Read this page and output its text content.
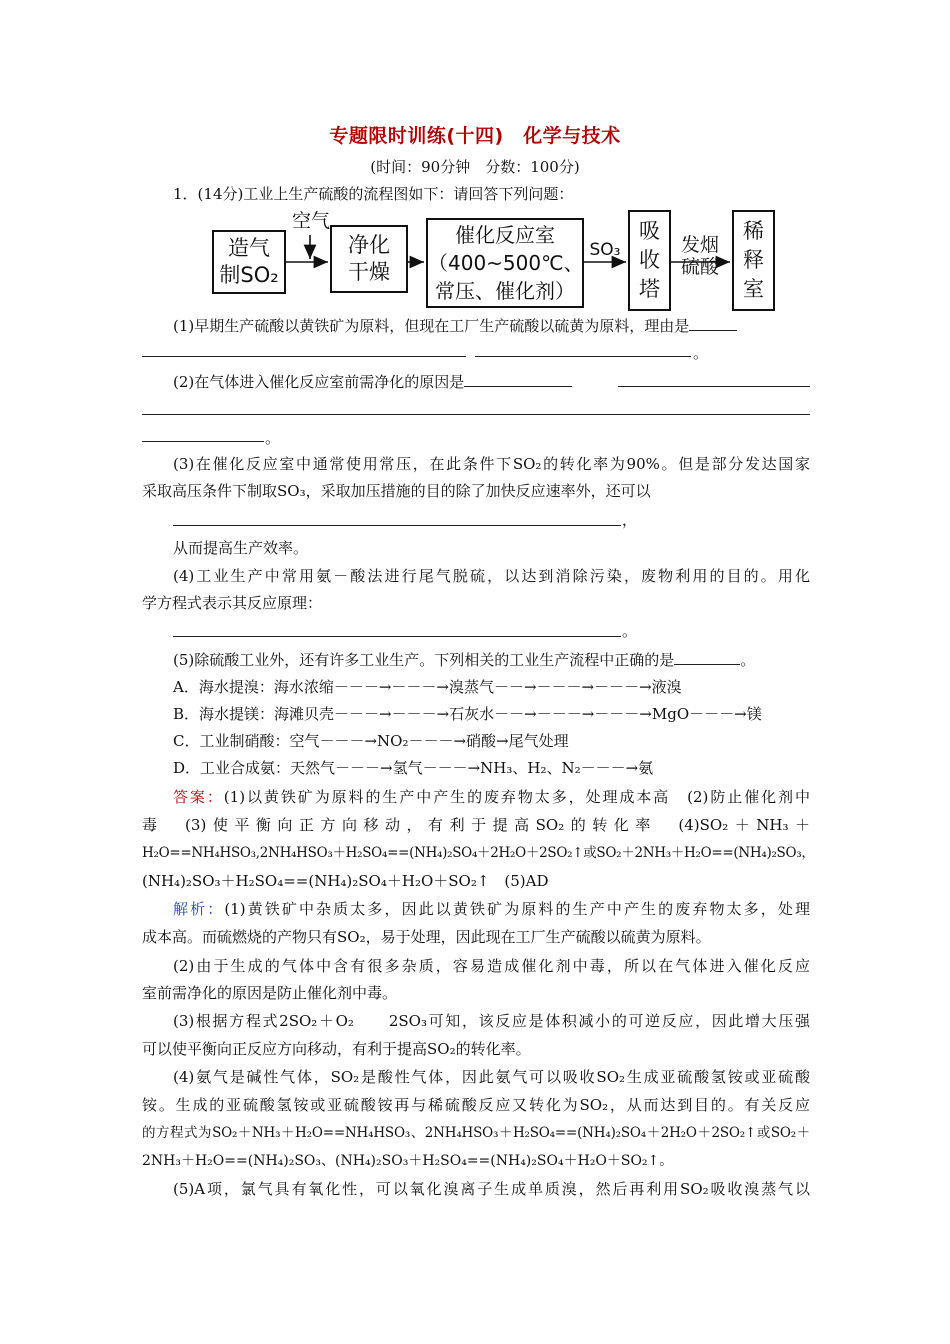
专题限时训练(十四)　化学与技术
(时间：90分钟　分数：100分)
1．(14分)工业上生产硫酸的流程图如下：请回答下列问题：
造气
制SO₂
空气
净化
干燥
催化反应室
（400~500℃、
常压、催化剂）
SO₃
吸
收
塔
发烟
硫酸
稀
释
室
(1)早期生产硫酸以黄铁矿为原料，但现在工厂生产硫酸以硫黄为原料，理由是
。
(2)在气体进入催化反应室前需净化的原因是
。
(3)在催化反应室中通常使用常压，在此条件下SO₂的转化率为90%。但是部分发达国家
采取高压条件下制取SO₃，采取加压措施的目的除了加快反应速率外，还可以
，
从而提高生产效率。
(4)工业生产中常用氨－酸法进行尾气脱硫，以达到消除污染，废物利用的目的。用化
学方程式表示其反应原理：
。
(5)除硫酸工业外，还有许多工业生产。下列相关的工业生产流程中正确的是	。
A．海水提溴：海水浓缩－－－→－－－→溴蒸气－－→－－－→－－－→液溴
B．海水提镁：海滩贝壳－－－→－－－→石灰水－－→－－－→－－－→MgO－－－→镁
C．工业制硝酸：空气－－－→NO₂－－－→硝酸→尾气处理
D．工业合成氨：天然气－－－→氢气－－－→NH₃、H₂、N₂－－－→氨
答案：(1)以黄铁矿为原料的生产中产生的废弃物太多，处理成本高　(2)防止催化剂中
毒　(3)使平衡向正方向移动，有利于提高SO₂的转化率　(4)SO₂＋NH₃＋
H₂O==NH₄HSO₃,2NH₄HSO₃＋H₂SO₄==(NH₄)₂SO₄＋2H₂O＋2SO₂↑或SO₂＋2NH₃＋H₂O==(NH₄)₂SO₃，
(NH₄)₂SO₃＋H₂SO₄==(NH₄)₂SO₄＋H₂O＋SO₂↑　(5)AD
解析：(1)黄铁矿中杂质太多，因此以黄铁矿为原料的生产中产生的废弃物太多，处理
成本高。而硫燃烧的产物只有SO₂，易于处理，因此现在工厂生产硫酸以硫黄为原料。
(2)由于生成的气体中含有很多杂质，容易造成催化剂中毒，所以在气体进入催化反应
室前需净化的原因是防止催化剂中毒。
(3)根据方程式2SO₂＋O₂　　2SO₃可知，该反应是体积减小的可逆反应，因此增大压强
可以使平衡向正反应方向移动，有利于提高SO₂的转化率。
(4)氨气是碱性气体，SO₂是酸性气体，因此氨气可以吸收SO₂生成亚硫酸氢铵或亚硫酸
铵。生成的亚硫酸氢铵或亚硫酸铵再与稀硫酸反应又转化为SO₂，从而达到目的。有关反应
的方程式为SO₂＋NH₃＋H₂O==NH₄HSO₃、2NH₄HSO₃＋H₂SO₄==(NH₄)₂SO₄＋2H₂O＋2SO₂↑或SO₂＋
2NH₃＋H₂O==(NH₄)₂SO₃、(NH₄)₂SO₃＋H₂SO₄==(NH₄)₂SO₄＋H₂O＋SO₂↑。
(5)A项，氯气具有氧化性，可以氧化溴离子生成单质溴，然后再利用SO₂吸收溴蒸气以
